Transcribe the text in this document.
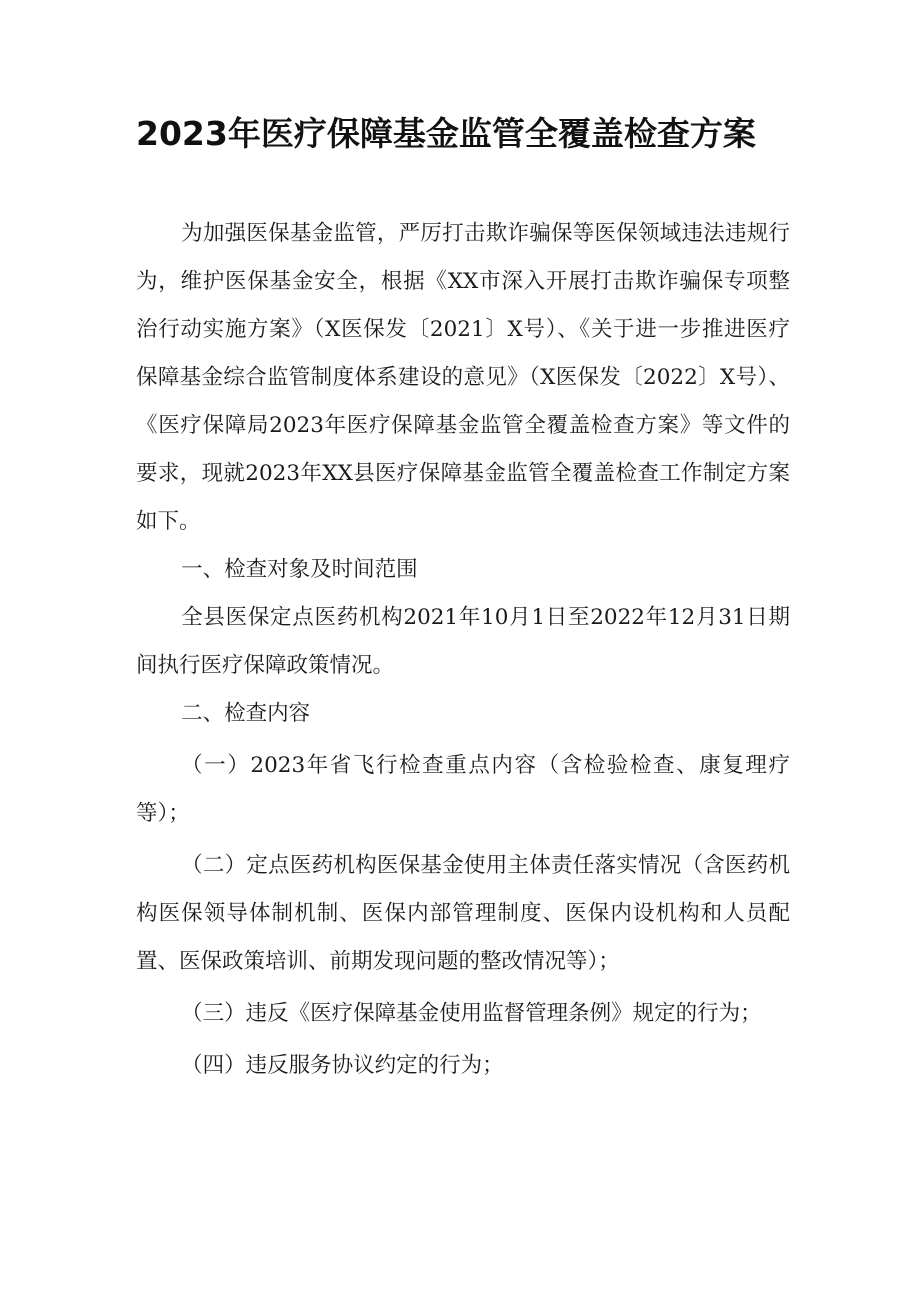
2023年医疗保障基金监管全覆盖检查方案

为加强医保基金监管，严厉打击欺诈骗保等医保领域违法违规行为，维护医保基金安全，根据《XX市深入开展打击欺诈骗保专项整治行动实施方案》（X医保发〔2021〕X号）、《关于进一步推进医疗保障基金综合监管制度体系建设的意见》（X医保发〔2022〕X号）、《医疗保障局2023年医疗保障基金监管全覆盖检查方案》等文件的要求，现就2023年XX县医疗保障基金监管全覆盖检查工作制定方案如下。

一、检查对象及时间范围

全县医保定点医药机构2021年10月1日至2022年12月31日期间执行医疗保障政策情况。

二、检查内容

（一）2023年省飞行检查重点内容（含检验检查、康复理疗等）；

（二）定点医药机构医保基金使用主体责任落实情况（含医药机构医保领导体制机制、医保内部管理制度、医保内设机构和人员配置、医保政策培训、前期发现问题的整改情况等）；

（三）违反《医疗保障基金使用监督管理条例》规定的行为；

（四）违反服务协议约定的行为；
